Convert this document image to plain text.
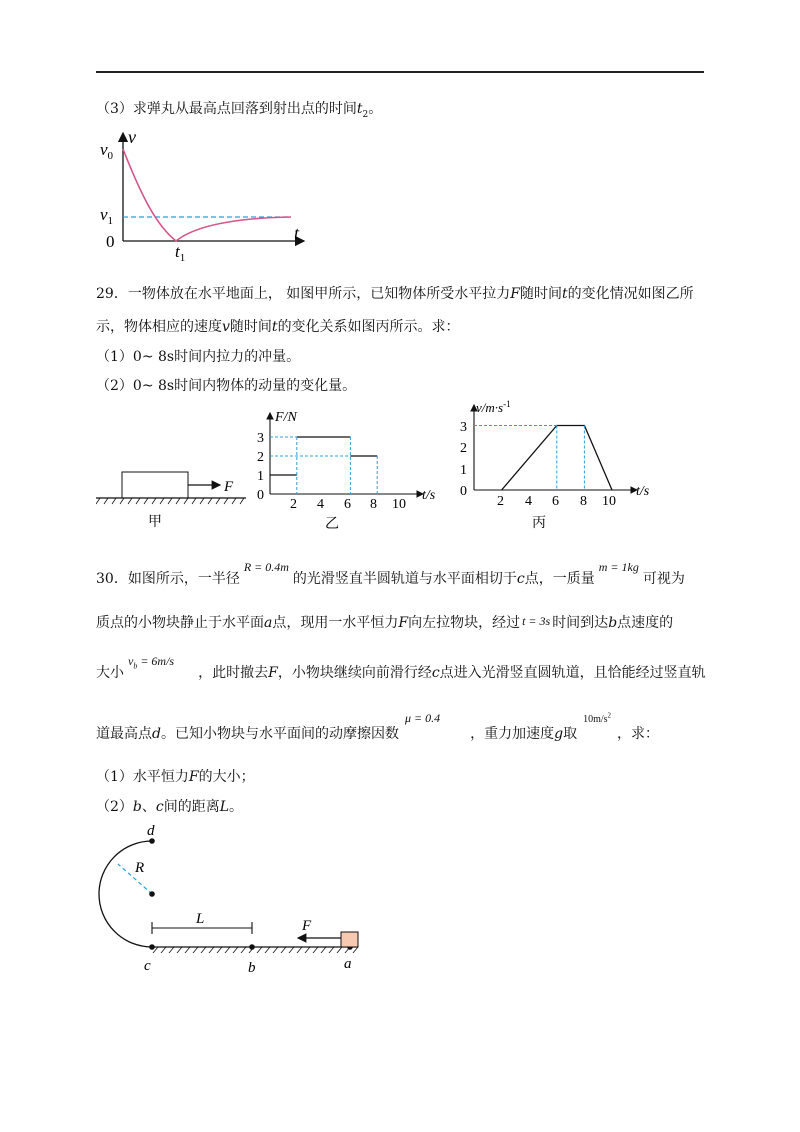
（3）求弹丸从最高点回落到射出点的时间$t_2$。
v
t
$v_0$
$v_1$
0
$t_1$
29．一物体放在水平地面上， 如图甲所示，已知物体所受水平拉力F随时间t的变化情况如图乙所
示，物体相应的速度v随时间t的变化关系如图丙所示。求：
（1）0~ 8s时间内拉力的冲量。
（2）0~ 8s时间内物体的动量的变化量。
F
甲
F/N
t/s
0
1
2
3
2 4 6 8 10
乙
$v/m\cdot s^{-1}$
t/s
0
1
2
3
2 4 6 8 10
丙
30．如图所示，一半径R = 0.4m的光滑竖直半圆轨道与水平面相切于c点，一质量m = 1kg可视为
质点的小物块静止于水平面a点，现用一水平恒力F向左拉物块，经过 t = 3s 时间到达b点速度的
大小$v_b = 6m/s$，此时撤去F，小物块继续向前滑行经c点进入光滑竖直圆轨道，且恰能经过竖直轨
道最高点d。已知小物块与水平面间的动摩擦因数μ = 0.4，重力加速度g取$^{10m/s^2}$，求：
（1）水平恒力F的大小；
（2）b、c间的距离L。
d
R
L	F
c	b	a
